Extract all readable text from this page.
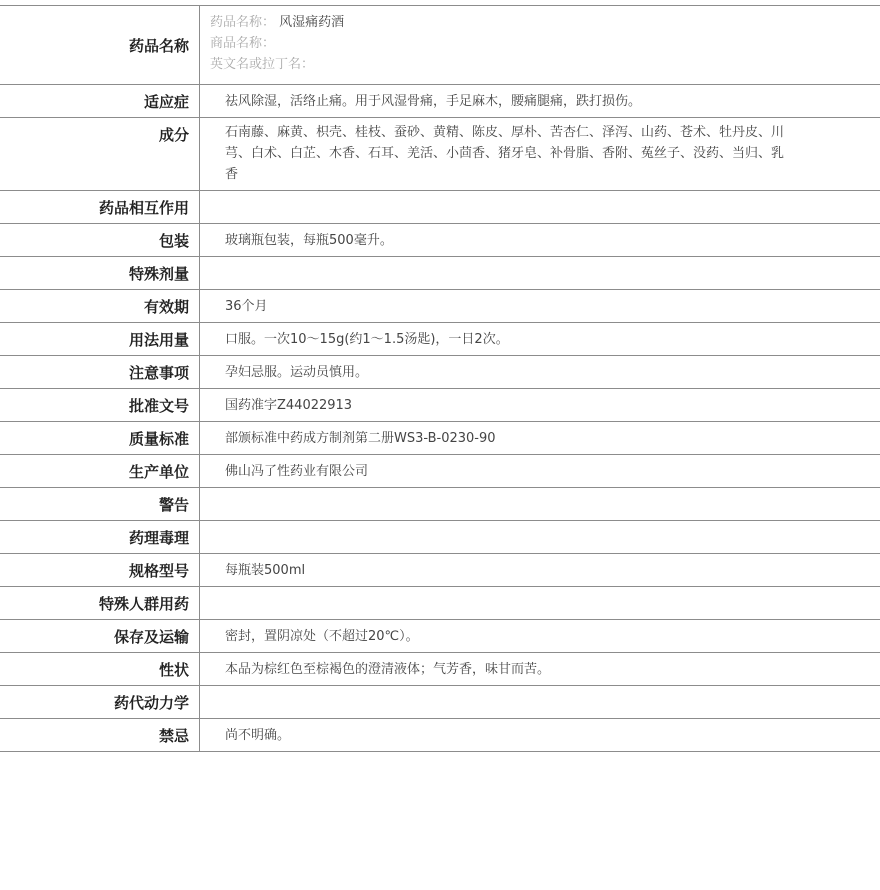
药品名称
药品名称： 风湿痛药酒
商品名称：
英文名或拉丁名：
适应症	祛风除湿，活络止痛。用于风湿骨痛，手足麻木，腰痛腿痛，跌打损伤。
成分	石南藤、麻黄、枳壳、桂枝、蚕砂、黄精、陈皮、厚朴、苦杏仁、泽泻、山药、苍术、牡丹皮、川芎、白术、白芷、木香、石耳、羌活、小茴香、猪牙皂、补骨脂、香附、菟丝子、没药、当归、乳香
药品相互作用
包装	玻璃瓶包装，每瓶500毫升。
特殊剂量
有效期	36个月
用法用量	口服。一次10～15g(约1～1.5汤匙)，一日2次。
注意事项	孕妇忌服。运动员慎用。
批准文号	国药准字Z44022913
质量标准	部颁标准中药成方制剂第二册WS3-B-0230-90
生产单位	佛山冯了性药业有限公司
警告
药理毒理
规格型号	每瓶装500ml
特殊人群用药
保存及运输	密封，置阴凉处（不超过20℃）。
性状	本品为棕红色至棕褐色的澄清液体；气芳香，味甘而苦。
药代动力学
禁忌	尚不明确。
